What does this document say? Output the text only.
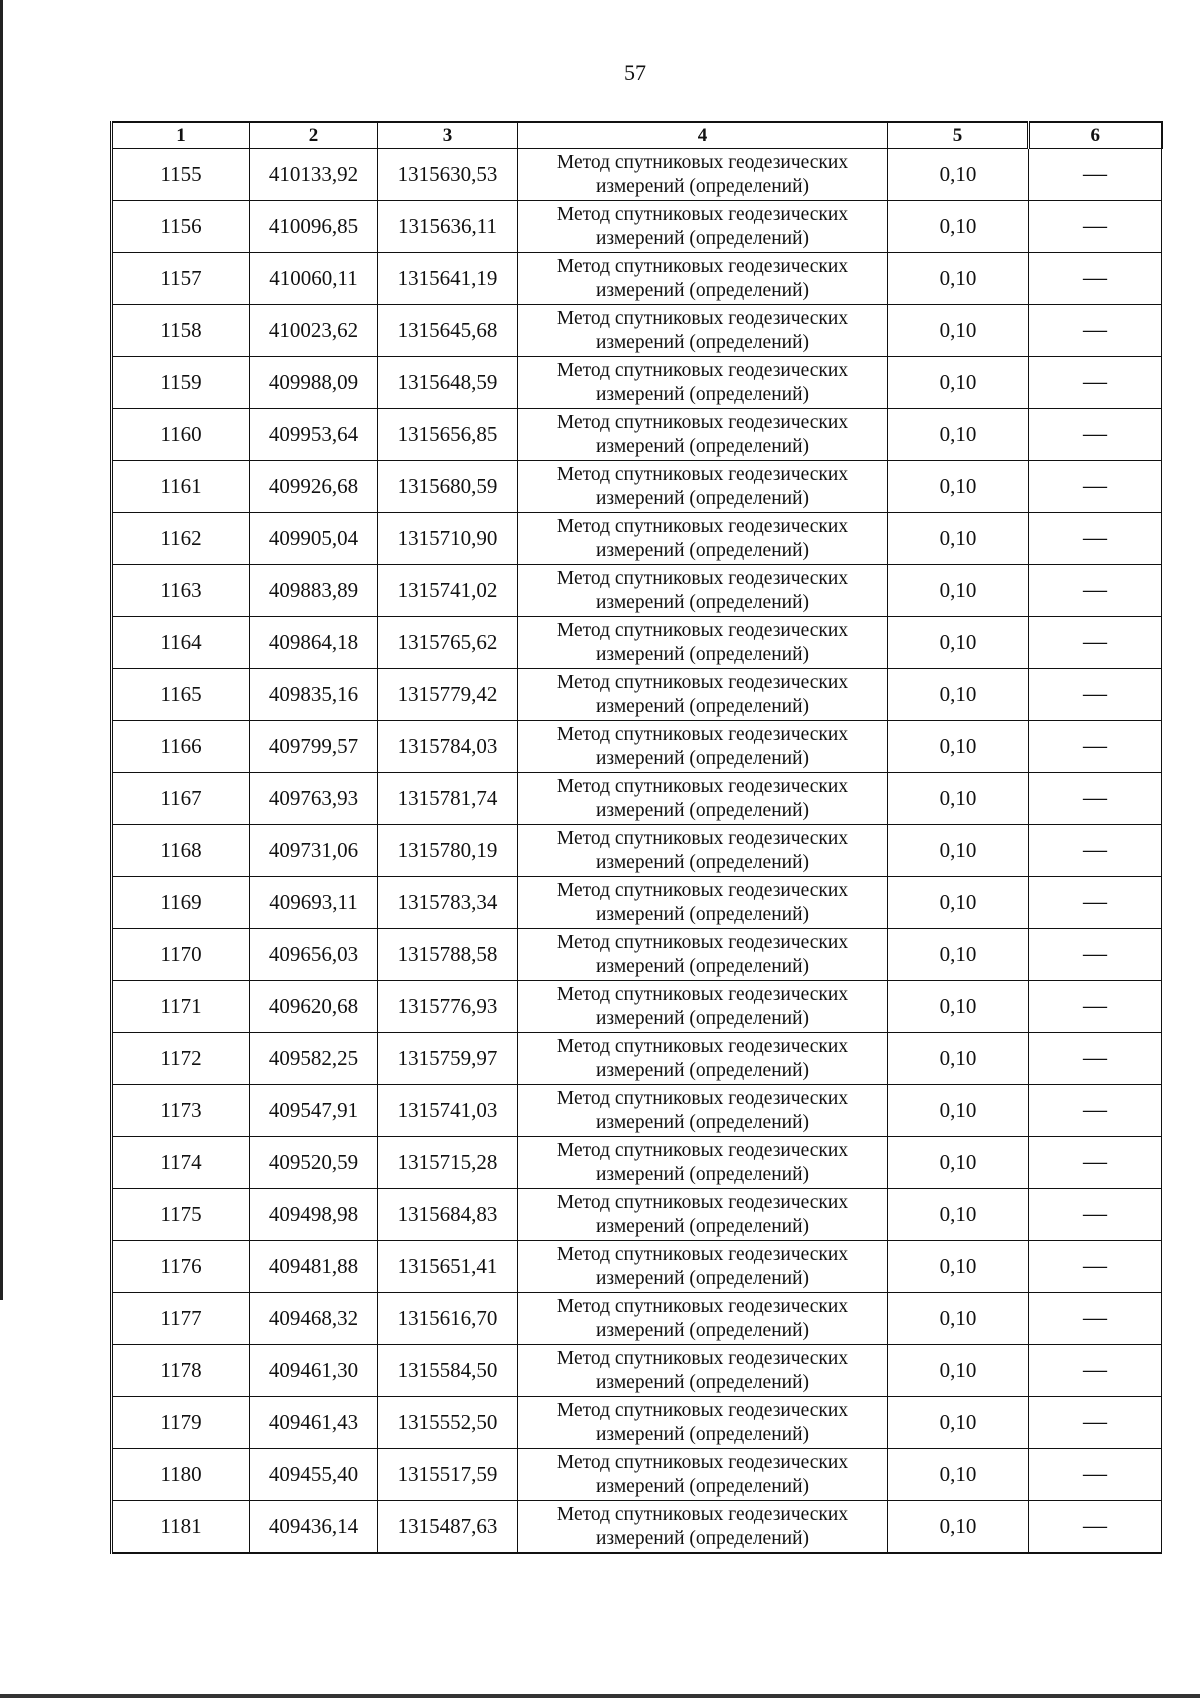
57
1	2	3	4	5	6
1155	410133,92	1315630,53	Метод спутниковых геодезических измерений (определений)	0,10	—
1156	410096,85	1315636,11	Метод спутниковых геодезических измерений (определений)	0,10	—
1157	410060,11	1315641,19	Метод спутниковых геодезических измерений (определений)	0,10	—
1158	410023,62	1315645,68	Метод спутниковых геодезических измерений (определений)	0,10	—
1159	409988,09	1315648,59	Метод спутниковых геодезических измерений (определений)	0,10	—
1160	409953,64	1315656,85	Метод спутниковых геодезических измерений (определений)	0,10	—
1161	409926,68	1315680,59	Метод спутниковых геодезических измерений (определений)	0,10	—
1162	409905,04	1315710,90	Метод спутниковых геодезических измерений (определений)	0,10	—
1163	409883,89	1315741,02	Метод спутниковых геодезических измерений (определений)	0,10	—
1164	409864,18	1315765,62	Метод спутниковых геодезических измерений (определений)	0,10	—
1165	409835,16	1315779,42	Метод спутниковых геодезических измерений (определений)	0,10	—
1166	409799,57	1315784,03	Метод спутниковых геодезических измерений (определений)	0,10	—
1167	409763,93	1315781,74	Метод спутниковых геодезических измерений (определений)	0,10	—
1168	409731,06	1315780,19	Метод спутниковых геодезических измерений (определений)	0,10	—
1169	409693,11	1315783,34	Метод спутниковых геодезических измерений (определений)	0,10	—
1170	409656,03	1315788,58	Метод спутниковых геодезических измерений (определений)	0,10	—
1171	409620,68	1315776,93	Метод спутниковых геодезических измерений (определений)	0,10	—
1172	409582,25	1315759,97	Метод спутниковых геодезических измерений (определений)	0,10	—
1173	409547,91	1315741,03	Метод спутниковых геодезических измерений (определений)	0,10	—
1174	409520,59	1315715,28	Метод спутниковых геодезических измерений (определений)	0,10	—
1175	409498,98	1315684,83	Метод спутниковых геодезических измерений (определений)	0,10	—
1176	409481,88	1315651,41	Метод спутниковых геодезических измерений (определений)	0,10	—
1177	409468,32	1315616,70	Метод спутниковых геодезических измерений (определений)	0,10	—
1178	409461,30	1315584,50	Метод спутниковых геодезических измерений (определений)	0,10	—
1179	409461,43	1315552,50	Метод спутниковых геодезических измерений (определений)	0,10	—
1180	409455,40	1315517,59	Метод спутниковых геодезических измерений (определений)	0,10	—
1181	409436,14	1315487,63	Метод спутниковых геодезических измерений (определений)	0,10	—
